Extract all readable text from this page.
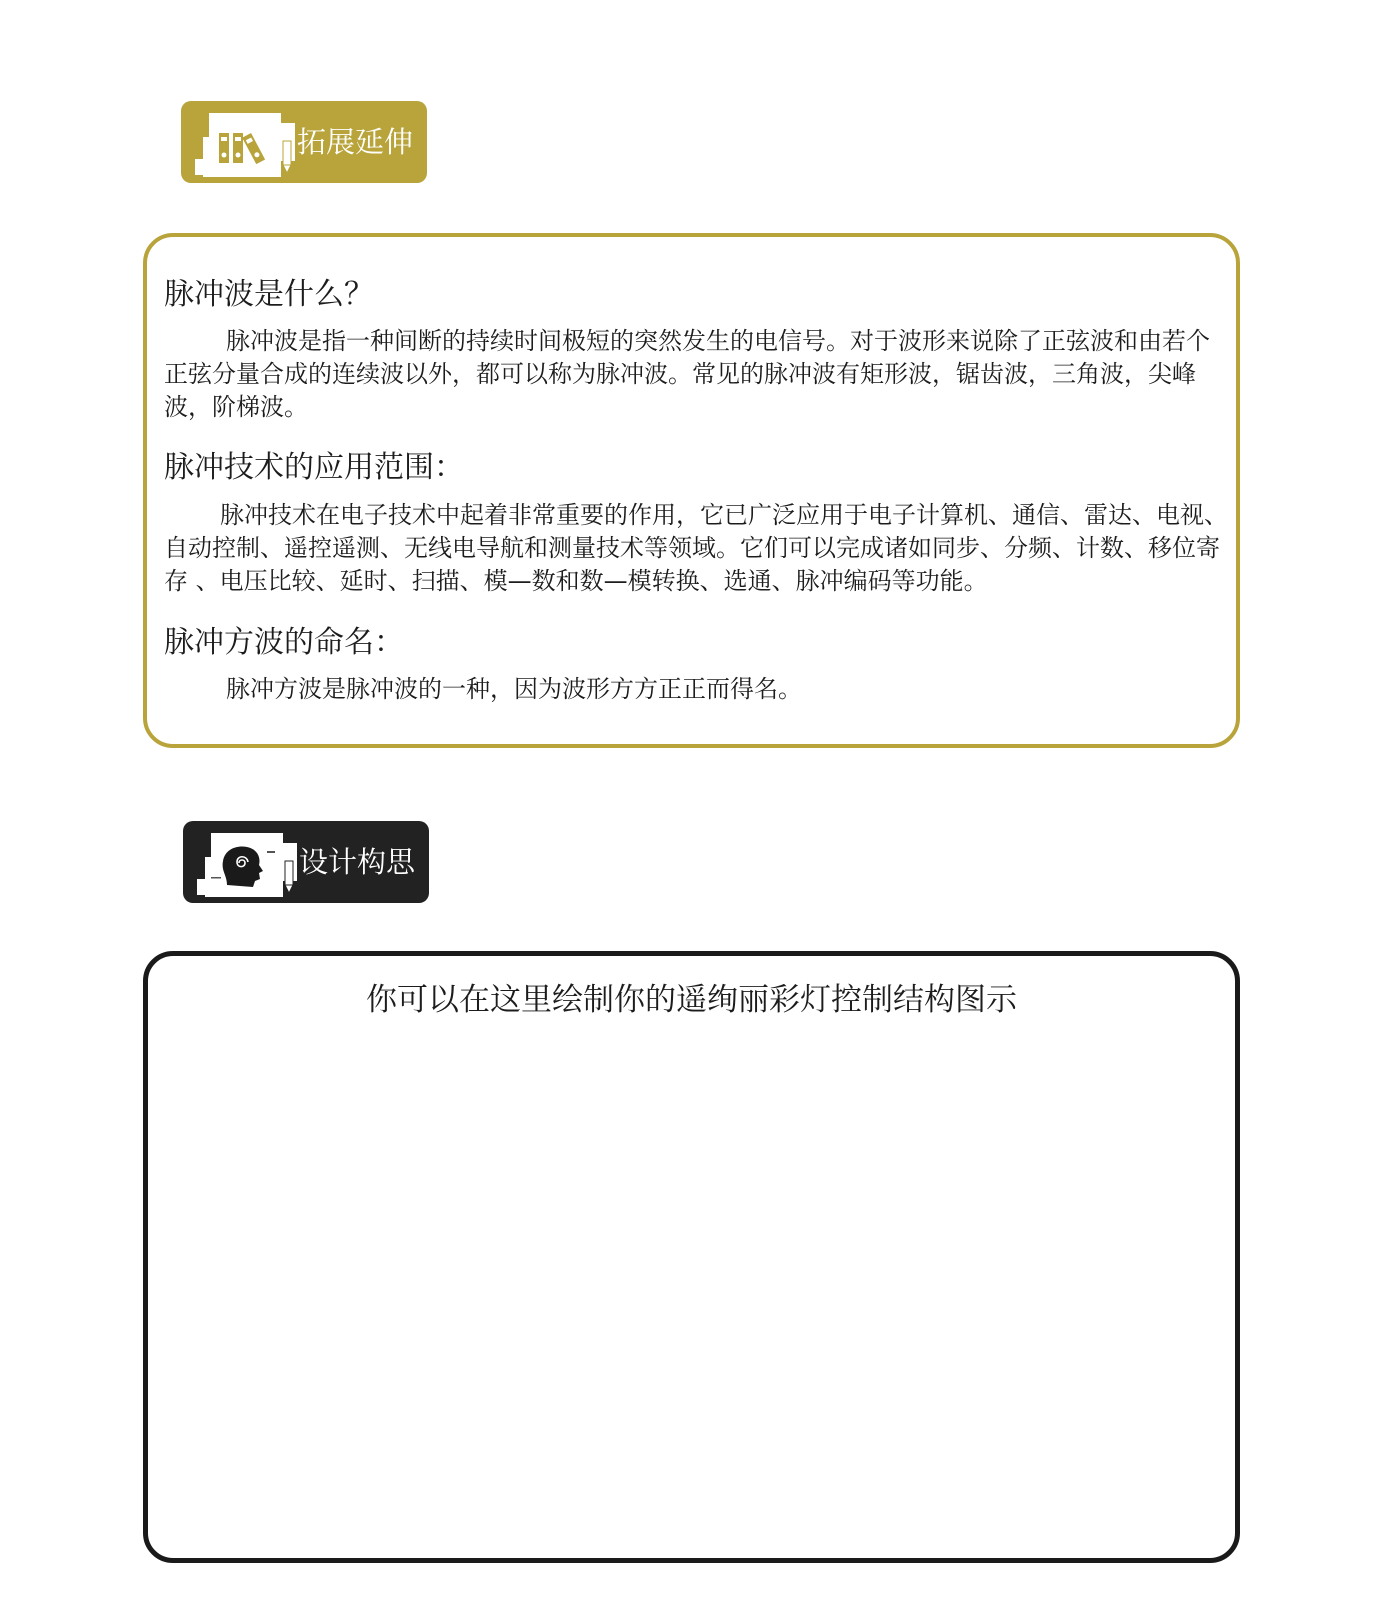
拓展延伸
脉冲波是什么？

脉冲波是指一种间断的持续时间极短的突然发生的电信号。对于波形来说除了正弦波和由若个正弦分量合成的连续波以外，都可以称为脉冲波。常见的脉冲波有矩形波，锯齿波，三角波，尖峰波，阶梯波。

脉冲技术的应用范围：

脉冲技术在电子技术中起着非常重要的作用，它已广泛应用于电子计算机、通信、雷达、电视、自动控制、遥控遥测、无线电导航和测量技术等领域。它们可以完成诸如同步、分频、计数、移位寄存 、电压比较、延时、扫描、模—数和数—模转换、选通、脉冲编码等功能。

脉冲方波的命名：

脉冲方波是脉冲波的一种，因为波形方方正正而得名。

设计构思
你可以在这里绘制你的遥绚丽彩灯控制结构图示
